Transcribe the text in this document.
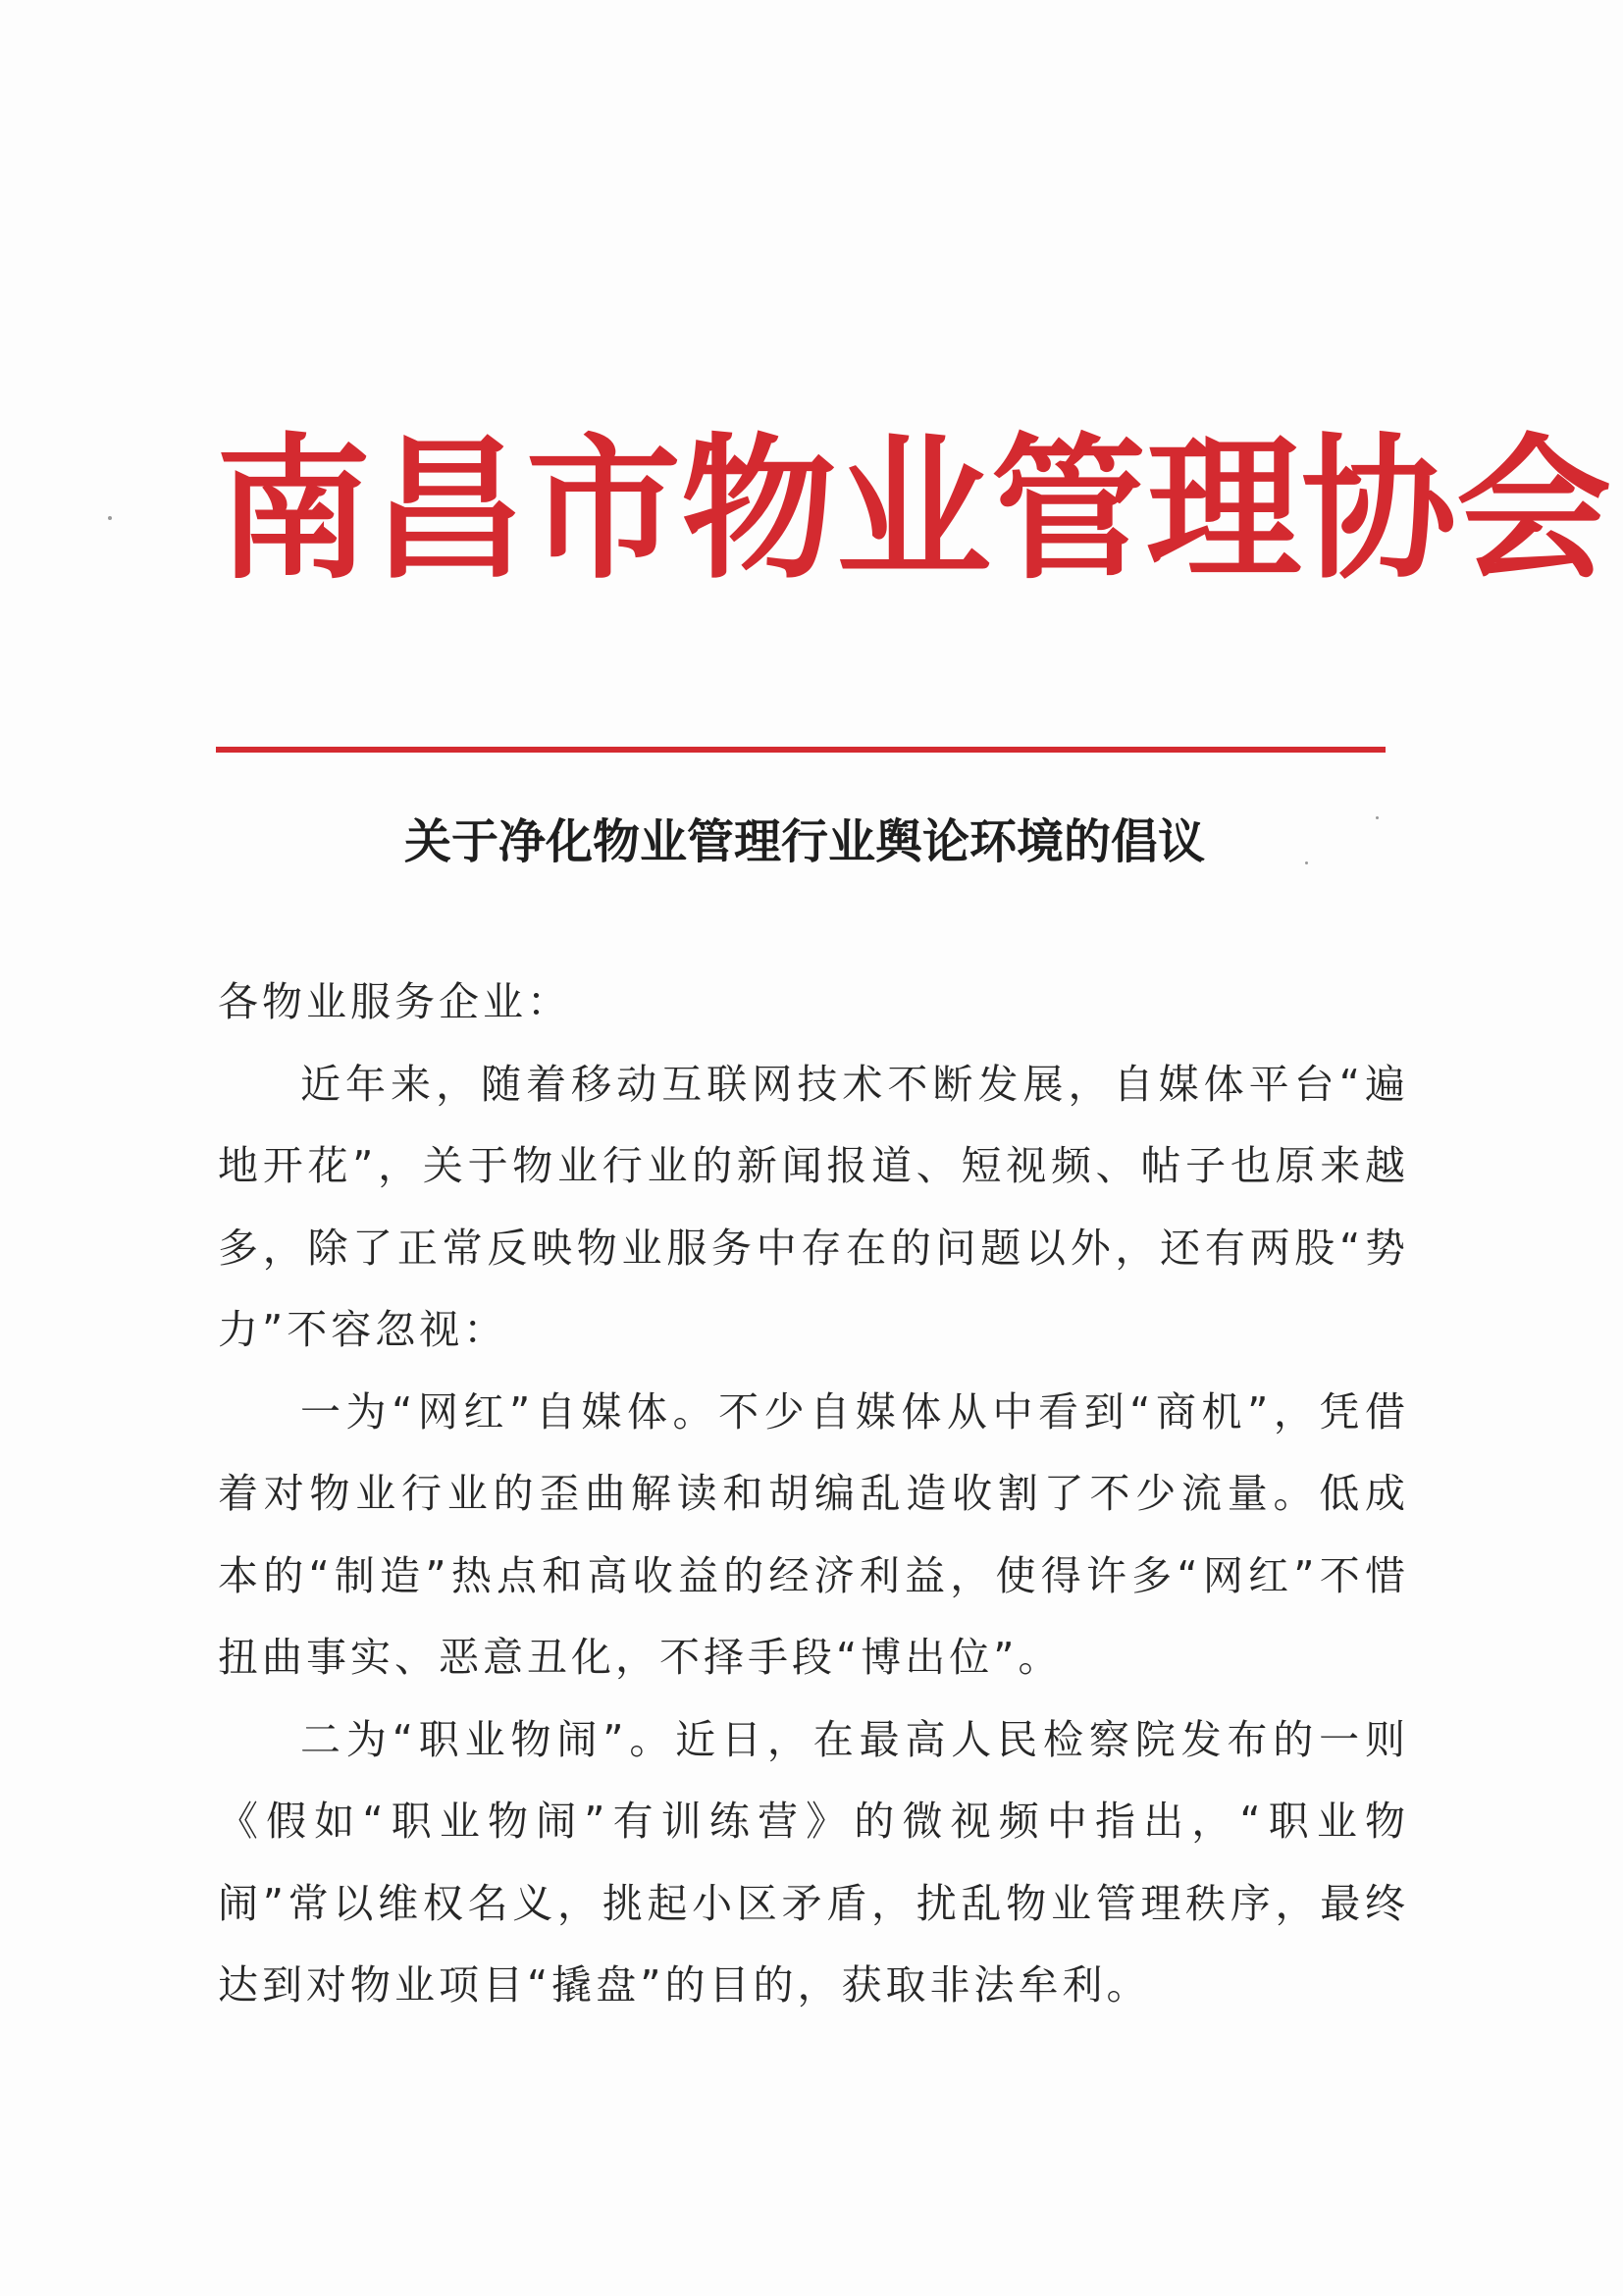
南昌市物业管理协会
关于净化物业管理行业舆论环境的倡议

各物业服务企业：

近年来，随着移动互联网技术不断发展，自媒体平台“遍地开花”，关于物业行业的新闻报道、短视频、帖子也原来越多，除了正常反映物业服务中存在的问题以外，还有两股“势力”不容忽视：

一为“网红”自媒体。不少自媒体从中看到“商机”，凭借着对物业行业的歪曲解读和胡编乱造收割了不少流量。低成本的“制造”热点和高收益的经济利益，使得许多“网红”不惜扭曲事实、恶意丑化，不择手段“博出位”。

二为“职业物闹”。近日，在最高人民检察院发布的一则《假如“职业物闹”有训练营》的微视频中指出，“职业物闹”常以维权名义，挑起小区矛盾，扰乱物业管理秩序，最终达到对物业项目“撬盘”的目的，获取非法牟利。
